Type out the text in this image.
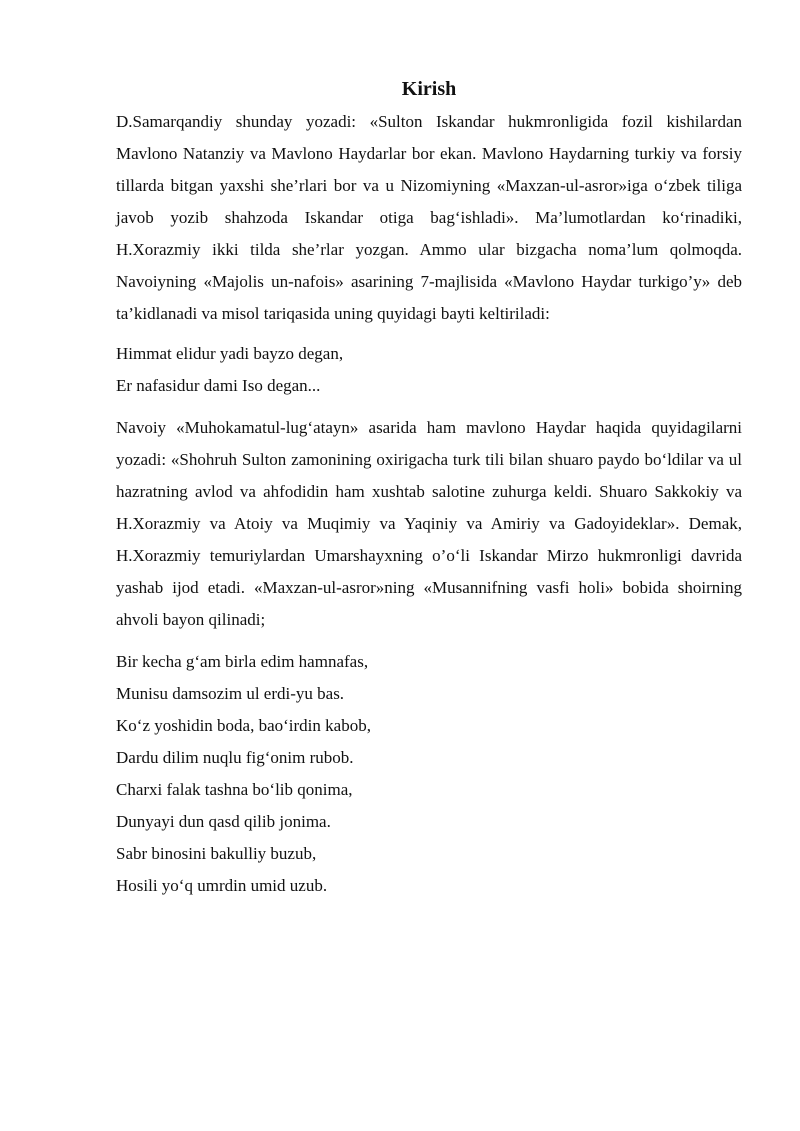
Kirish

D.Samarqandiy shunday yozadi: «Sulton Iskandar hukmronligida fozil kishilardan Mavlono Natanziy va Mavlono Haydarlar bor ekan. Mavlono Haydarning turkiy va forsiy tillarda bitgan yaxshi she’rlari bor va u Nizomiyning «Maxzan-ul-asror»iga o‘zbek tiliga javob yozib shahzoda Iskandar otiga bag‘ishladi». Ma’lumotlardan ko‘rinadiki, H.Xorazmiy ikki tilda she’rlar yozgan. Ammo ular bizgacha noma’lum qolmoqda. Navoiyning «Majolis un-nafois» asarining 7-majlisida «Mavlono Haydar turkigo’y» deb ta’kidlanadi va misol tariqasida uning quyidagi bayti keltiriladi:

Himmat elidur yadi bayzo degan,
Er nafasidur dami Iso degan...

Navoiy «Muhokamatul-lug‘atayn» asarida ham mavlono Haydar haqida quyidagilarni yozadi: «Shohruh Sulton zamonining oxirigacha turk tili bilan shuaro paydo bo‘ldilar va ul hazratning avlod va ahfodidin ham xushtab salotine zuhurga keldi. Shuaro Sakkokiy va H.Xorazmiy va Atoiy va Muqimiy va Yaqiniy va Amiriy va Gadoyideklar». Demak, H.Xorazmiy temuriylardan Umarshayxning o’o‘li Iskandar Mirzo hukmronligi davrida yashab ijod etadi. «Maxzan-ul-asror»ning «Musannifning vasfi holi» bobida shoirning ahvoli bayon qilinadi;

Bir kecha g‘am birla edim hamnafas,
Munisu damsozim ul erdi-yu bas.
Ko‘z yoshidin boda, bao‘irdin kabob,
Dardu dilim nuqlu fig‘onim rubob.
Charxi falak tashna bo‘lib qonima,
Dunyayi dun qasd qilib jonima.
Sabr binosini bakulliy buzub,
Hosili yo‘q umrdin umid uzub.
